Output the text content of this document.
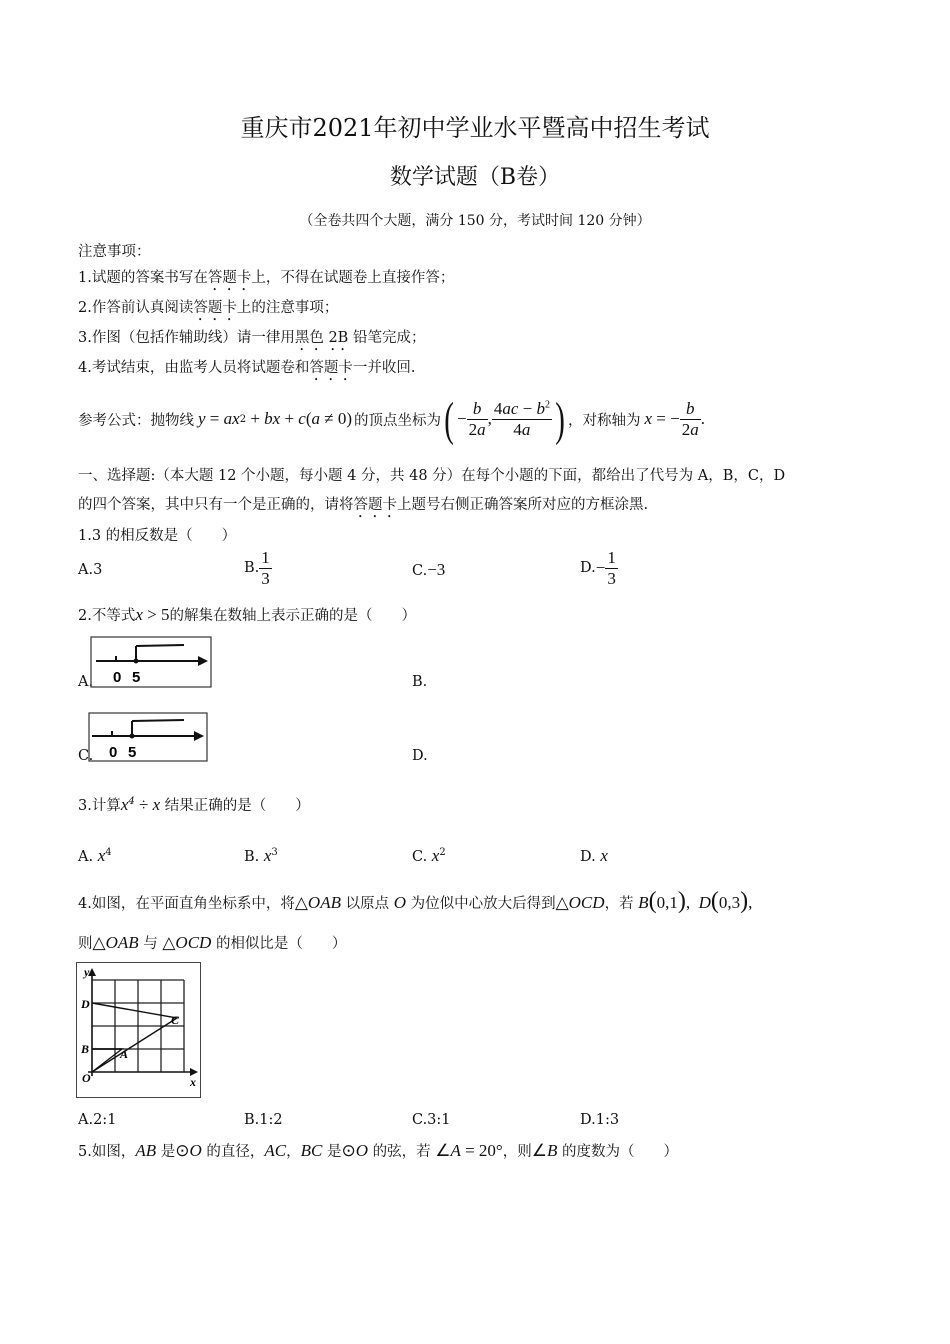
重庆市2021年初中学业水平暨高中招生考试
数学试题（B卷）
（全卷共四个大题，满分 150 分，考试时间 120 分钟）
注意事项：
1.试题的答案书写在答题卡上，不得在试题卷上直接作答；
2.作答前认真阅读答题卡上的注意事项；
3.作图（包括作辅助线）请一律用黑色 2B 铅笔完成；
4.考试结束，由监考人员将试题卷和答题卡一并收回.
参考公式：抛物线 y = ax 2 + bx + c ( a ≠ 0) 的顶点坐标为 ( − $\frac{b}{2a}$ , $\frac{4ac - b^2}{4a}$ ) ，对称轴为 x = − $\frac{b}{2a}$ .
一、选择题:（本大题 12 个小题，每小题 4 分，共 48 分）在每个小题的下面，都给出了代号为 A，B，C，D
的四个答案，其中只有一个是正确的，请将答题卡上题号右侧正确答案所对应的方框涂黑.
1.3 的相反数是（　　）
A.3	B. $\frac{1}{3}$	C.−3	D. − $\frac{1}{3}$
2.不等式x > 5的解集在数轴上表示正确的是（　　）
A. 0 5	B.
C. 0 5	D.
3.计算$x^4 \div x$ 结果正确的是（　　）
A. $x^4$	B. $x^3$	C. $x^2$	D. x
4.如图，在平面直角坐标系中，将△OAB 以原点 O 为位似中心放大后得到△OCD，若 B(0,1),  D(0,3),
则△OAB 与 △OCD 的相似比是（　　）
y
x
D
C
B	A
O
A.2:1	B.1:2	C.3:1	D.1:3
5.如图，AB 是⊙O 的直径，AC，BC 是⊙O 的弦，若 ∠A = 20°，则∠B 的度数为（　　）
